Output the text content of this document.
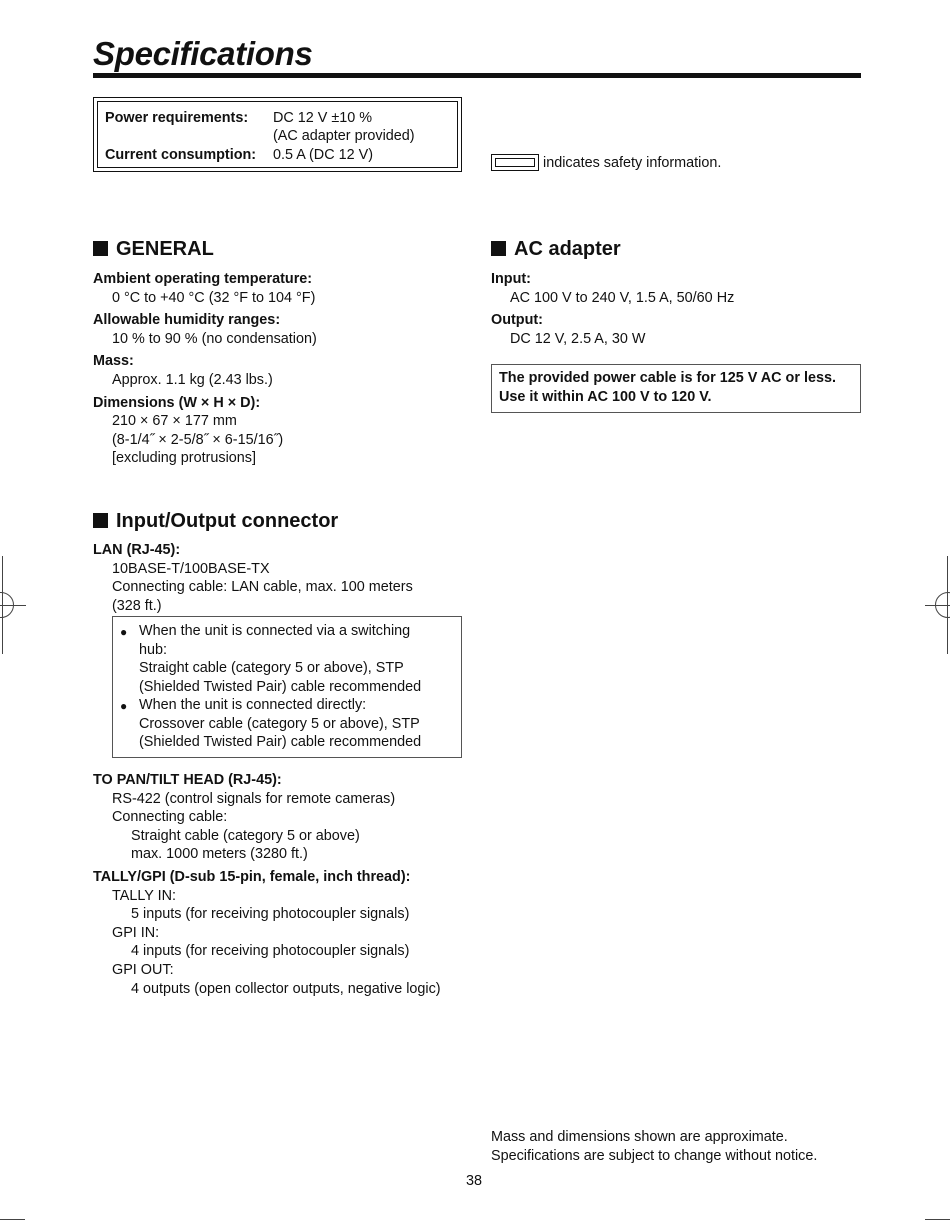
Specifications
Power requirements: DC 12 V ±10 %
(AC adapter provided)
Current consumption: 0.5 A (DC 12 V)	indicates safety information.
GENERAL
Ambient operating temperature:
0 °C to +40 °C (32 °F to 104 °F)
Allowable humidity ranges:
10 % to 90 % (no condensation)
Mass:
Approx. 1.1 kg (2.43 lbs.)
Dimensions (W × H × D):
210 × 67 × 177 mm
(8-1/4˝ × 2-5/8˝ × 6-15/16˝)
[excluding protrusions]
AC adapter
Input:
AC 100 V to 240 V, 1.5 A, 50/60 Hz
Output:
DC 12 V, 2.5 A, 30 W
The provided power cable is for 125 V AC or less.
Use it within AC 100 V to 120 V.
Input/Output connector
LAN (RJ-45):
10BASE-T/100BASE-TX
Connecting cable: LAN cable, max. 100 meters
(328 ft.)
● When the unit is connected via a switching
hub:
Straight cable (category 5 or above), STP
(Shielded Twisted Pair) cable recommended
● When the unit is connected directly:
Crossover cable (category 5 or above), STP
(Shielded Twisted Pair) cable recommended
TO PAN/TILT HEAD (RJ-45):
RS-422 (control signals for remote cameras)
Connecting cable:
Straight cable (category 5 or above)
max. 1000 meters (3280 ft.)
TALLY/GPI (D-sub 15-pin, female, inch thread):
TALLY IN:
5 inputs (for receiving photocoupler signals)
GPI IN:
4 inputs (for receiving photocoupler signals)
GPI OUT:
4 outputs (open collector outputs, negative logic)
Mass and dimensions shown are approximate.
Specifications are subject to change without notice.
38
